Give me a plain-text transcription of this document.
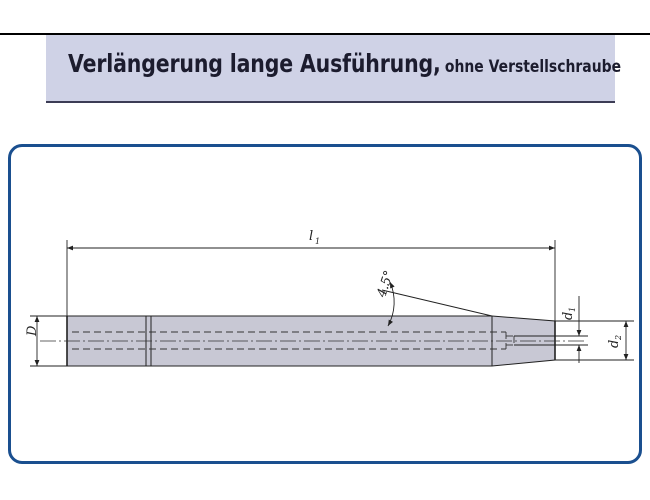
Verlängerung lange Ausführung, ohne Verstellschraube
l 1
D
4.5°
d
1
d
2
